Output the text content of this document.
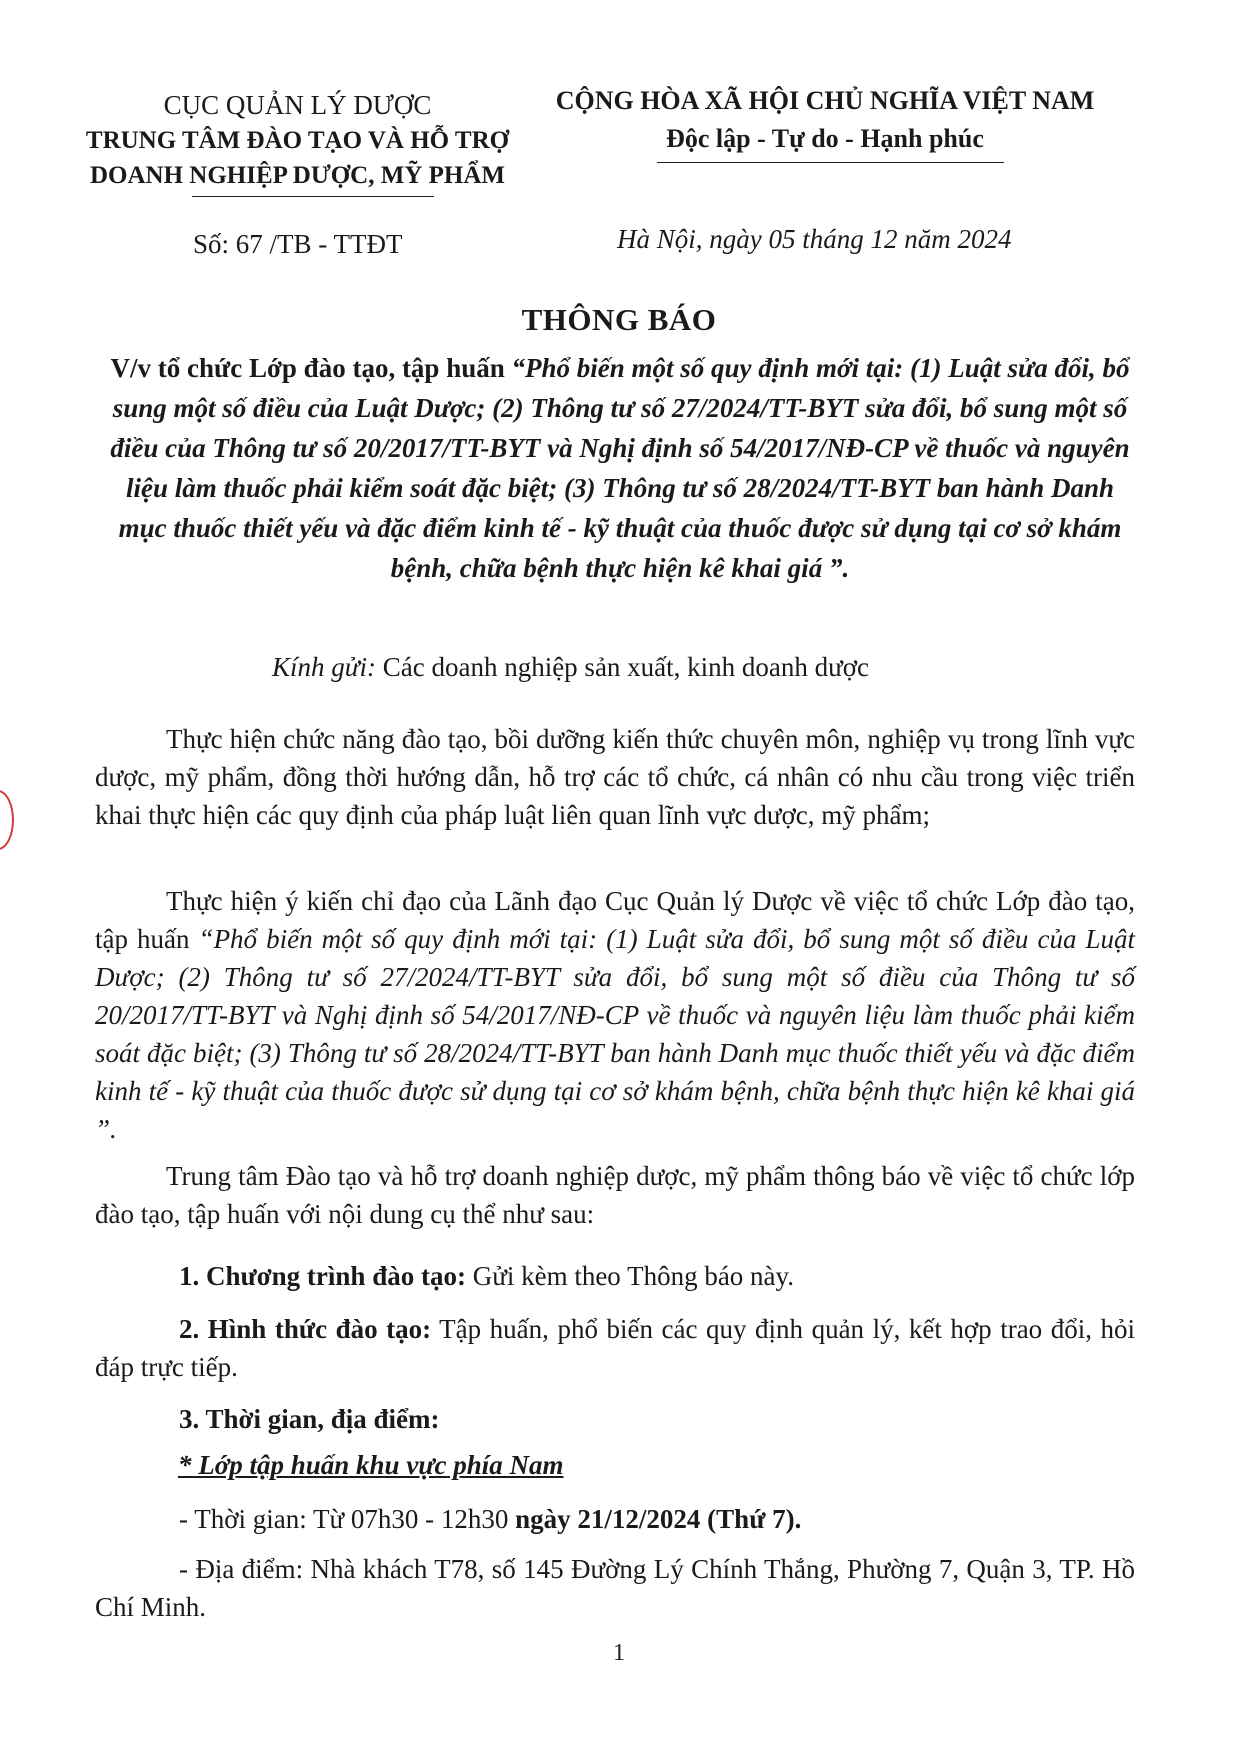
CỤC QUẢN LÝ DƯỢC
TRUNG TÂM ĐÀO TẠO VÀ HỖ TRỢ
DOANH NGHIỆP DƯỢC, MỸ PHẨM
CỘNG HÒA XÃ HỘI CHỦ NGHĨA VIỆT NAM
Độc lập - Tự do - Hạnh phúc
Số: 67 /TB - TTĐT	Hà Nội, ngày 05 tháng 12 năm 2024
THÔNG BÁO
V/v tổ chức Lớp đào tạo, tập huấn “Phổ biến một số quy định mới tại: (1) Luật sửa đổi, bổ sung một số điều của Luật Dược; (2) Thông tư số 27/2024/TT-BYT sửa đổi, bổ sung một số điều của Thông tư số 20/2017/TT-BYT và Nghị định số 54/2017/NĐ-CP về thuốc và nguyên liệu làm thuốc phải kiểm soát đặc biệt; (3) Thông tư số 28/2024/TT-BYT ban hành Danh mục thuốc thiết yếu và đặc điểm kinh tế - kỹ thuật của thuốc được sử dụng tại cơ sở khám bệnh, chữa bệnh thực hiện kê khai giá ”.
Kính gửi: Các doanh nghiệp sản xuất, kinh doanh dược
Thực hiện chức năng đào tạo, bồi dưỡng kiến thức chuyên môn, nghiệp vụ trong lĩnh vực dược, mỹ phẩm, đồng thời hướng dẫn, hỗ trợ các tổ chức, cá nhân có nhu cầu trong việc triển khai thực hiện các quy định của pháp luật liên quan lĩnh vực dược, mỹ phẩm;
Thực hiện ý kiến chỉ đạo của Lãnh đạo Cục Quản lý Dược về việc tổ chức Lớp đào tạo, tập huấn “Phổ biến một số quy định mới tại: (1) Luật sửa đổi, bổ sung một số điều của Luật Dược; (2) Thông tư số 27/2024/TT-BYT sửa đổi, bổ sung một số điều của Thông tư số 20/2017/TT-BYT và Nghị định số 54/2017/NĐ-CP về thuốc và nguyên liệu làm thuốc phải kiểm soát đặc biệt; (3) Thông tư số 28/2024/TT-BYT ban hành Danh mục thuốc thiết yếu và đặc điểm kinh tế - kỹ thuật của thuốc được sử dụng tại cơ sở khám bệnh, chữa bệnh thực hiện kê khai giá ”.
Trung tâm Đào tạo và hỗ trợ doanh nghiệp dược, mỹ phẩm thông báo về việc tổ chức lớp đào tạo, tập huấn với nội dung cụ thể như sau:
1. Chương trình đào tạo: Gửi kèm theo Thông báo này.
2. Hình thức đào tạo: Tập huấn, phổ biến các quy định quản lý, kết hợp trao đổi, hỏi đáp trực tiếp.
3. Thời gian, địa điểm:
* Lớp tập huấn khu vực phía Nam
- Thời gian: Từ 07h30 - 12h30 ngày 21/12/2024 (Thứ 7).
- Địa điểm: Nhà khách T78, số 145 Đường Lý Chính Thắng, Phường 7, Quận 3, TP. Hồ Chí Minh.
1
